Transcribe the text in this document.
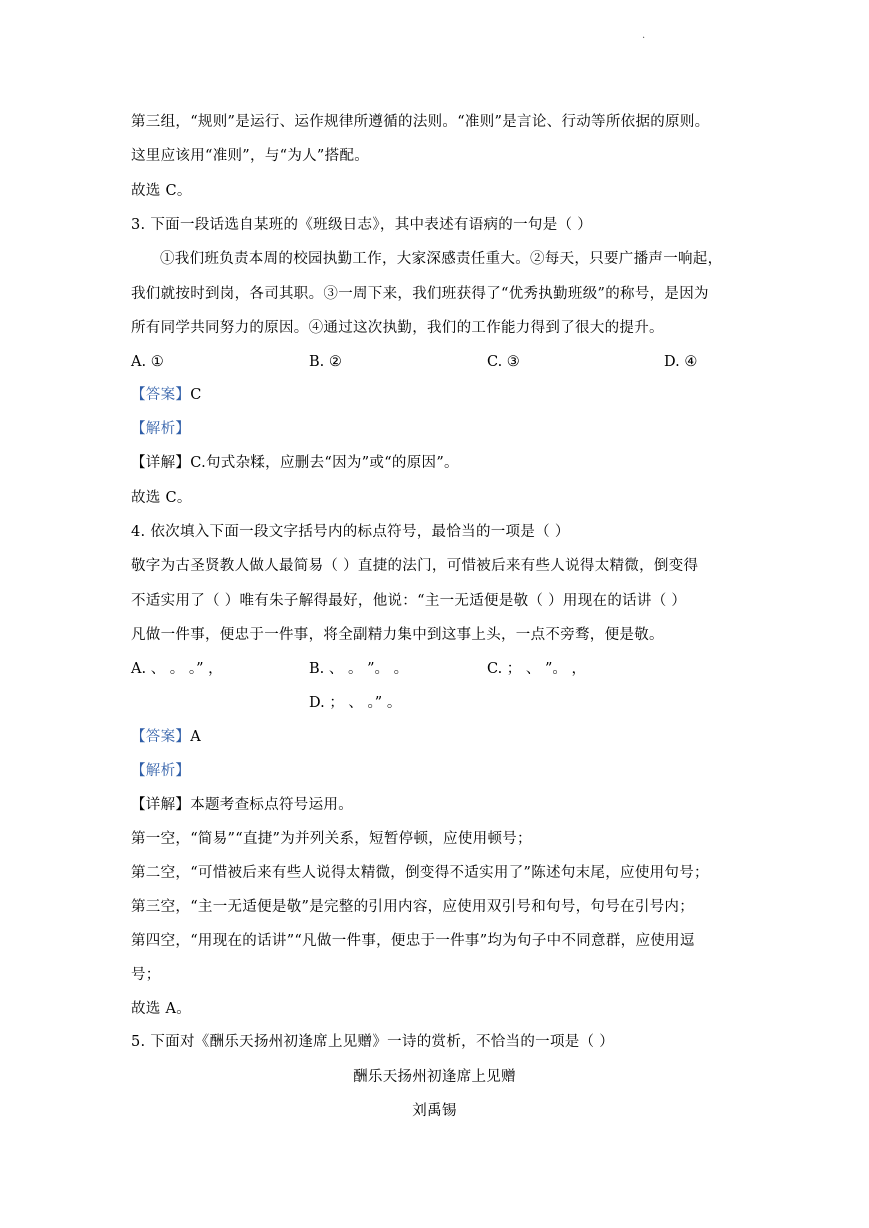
.
第三组，“规则”是运行、运作规律所遵循的法则。“准则”是言论、行动等所依据的原则。
这里应该用“准则”，与“为人”搭配。
故选 C。
3. 下面一段话选自某班的《班级日志》，其中表述有语病的一句是（ ）
①我们班负责本周的校园执勤工作，大家深感责任重大。②每天，只要广播声一响起，
我们就按时到岗，各司其职。③一周下来，我们班获得了“优秀执勤班级”的称号，是因为
所有同学共同努力的原因。④通过这次执勤，我们的工作能力得到了很大的提升。
A. ①	B. ②	C. ③	D. ④
【答案】C
【解析】
【详解】C.句式杂糅，应删去“因为”或“的原因”。
故选 C。
4. 依次填入下面一段文字括号内的标点符号，最恰当的一项是（ ）
敬字为古圣贤教人做人最简易（ ）直捷的法门，可惜被后来有些人说得太精微，倒变得
不适实用了（ ）唯有朱子解得最好，他说：“主一无适便是敬（ ）用现在的话讲（ ）
凡做一件事，便忠于一件事，将全副精力集中到这事上头，一点不旁骛，便是敬。
A. 、 。 。” ，	B. 、 。 ”。 。	C. ； 、 ”。 ，
D. ； 、 。” 。
【答案】A
【解析】
【详解】本题考查标点符号运用。
第一空，“简易”“直捷”为并列关系，短暂停顿，应使用顿号；
第二空，“可惜被后来有些人说得太精微，倒变得不适实用了”陈述句末尾，应使用句号；
第三空，“主一无适便是敬”是完整的引用内容，应使用双引号和句号，句号在引号内；
第四空，“用现在的话讲”“凡做一件事，便忠于一件事”均为句子中不同意群，应使用逗
号；
故选 A。
5. 下面对《酬乐天扬州初逢席上见赠》一诗的赏析，不恰当的一项是（ ）
酬乐天扬州初逢席上见赠
刘禹锡
